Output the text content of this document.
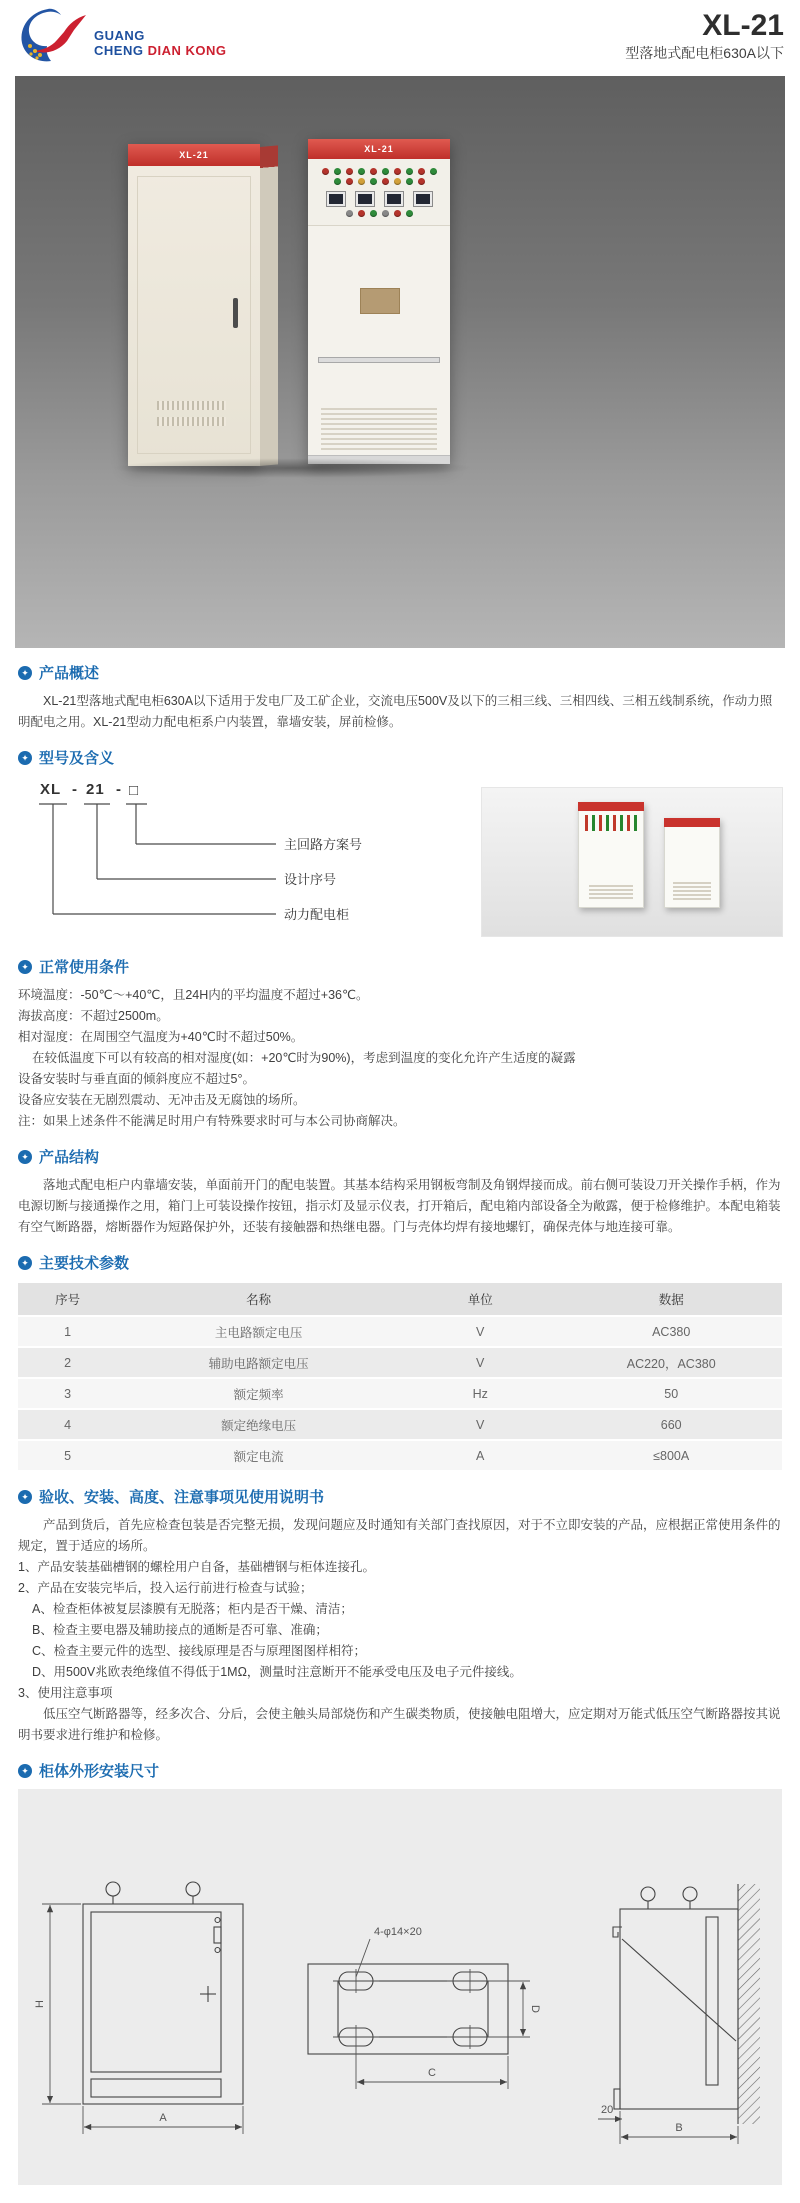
GUANG
CHENG DIAN KONG
XL-21
型落地式配电柜630A以下
XL-21
XL-21
✦ 产品概述
XL-21型落地式配电柜630A以下适用于发电厂及工矿企业，交流电压500V及以下的三相三线、三相四线、三相五线制系统，作动力照明配电之用。XL-21型动力配电柜系户内装置，靠墙安装，屏前检修。
✦ 型号及含义
XL - 21 - □
主回路方案号
设计序号
动力配电柜
✦ 正常使用条件
环境温度：-50℃～+40℃，且24H内的平均温度不超过+36℃。
海拔高度：不超过2500m。
相对湿度：在周围空气温度为+40℃时不超过50%。
在较低温度下可以有较高的相对湿度(如：+20℃时为90%)，考虑到温度的变化允许产生适度的凝露
设备安装时与垂直面的倾斜度应不超过5°。
设备应安装在无剧烈震动、无冲击及无腐蚀的场所。
注：如果上述条件不能满足时用户有特殊要求时可与本公司协商解决。
✦ 产品结构
落地式配电柜户内靠墙安装，单面前开门的配电装置。其基本结构采用钢板弯制及角钢焊接而成。前右侧可装设刀开关操作手柄，作为电源切断与接通操作之用，箱门上可装设操作按钮，指示灯及显示仪表，打开箱后，配电箱内部设备全为敞露，便于检修维护。本配电箱装有空气断路器，熔断器作为短路保护外，还装有接触器和热继电器。门与壳体均焊有接地螺钉，确保壳体与地连接可靠。
✦ 主要技术参数
序号	名称	单位	数据
1	主电路额定电压	V	AC380
2	辅助电路额定电压	V	AC220，AC380
3	额定频率	Hz	50
4	额定绝缘电压	V	660
5	额定电流	A	≤800A
✦ 验收、安装、高度、注意事项见使用说明书
产品到货后，首先应检查包装是否完整无损，发现问题应及时通知有关部门查找原因，对于不立即安装的产品，应根据正常使用条件的规定，置于适应的场所。
1、产品安装基础槽钢的螺栓用户自备，基础槽钢与柜体连接孔。
2、产品在安装完毕后，投入运行前进行检查与试验；
A、检查柜体被复层漆膜有无脱落；柜内是否干燥、清洁；
B、检查主要电器及辅助接点的通断是否可靠、准确；
C、检查主要元件的选型、接线原理是否与原理图图样相符；
D、用500V兆欧表绝缘值不得低于1MΩ，测量时注意断开不能承受电压及电子元件接线。
3、使用注意事项
低压空气断路器等，经多次合、分后，会使主触头局部烧伤和产生碳类物质，使接触电阻增大，应定期对万能式低压空气断路器按其说明书要求进行维护和检修。
✦ 柜体外形安装尺寸
H
A
4-φ14×20
C
D
20
B
